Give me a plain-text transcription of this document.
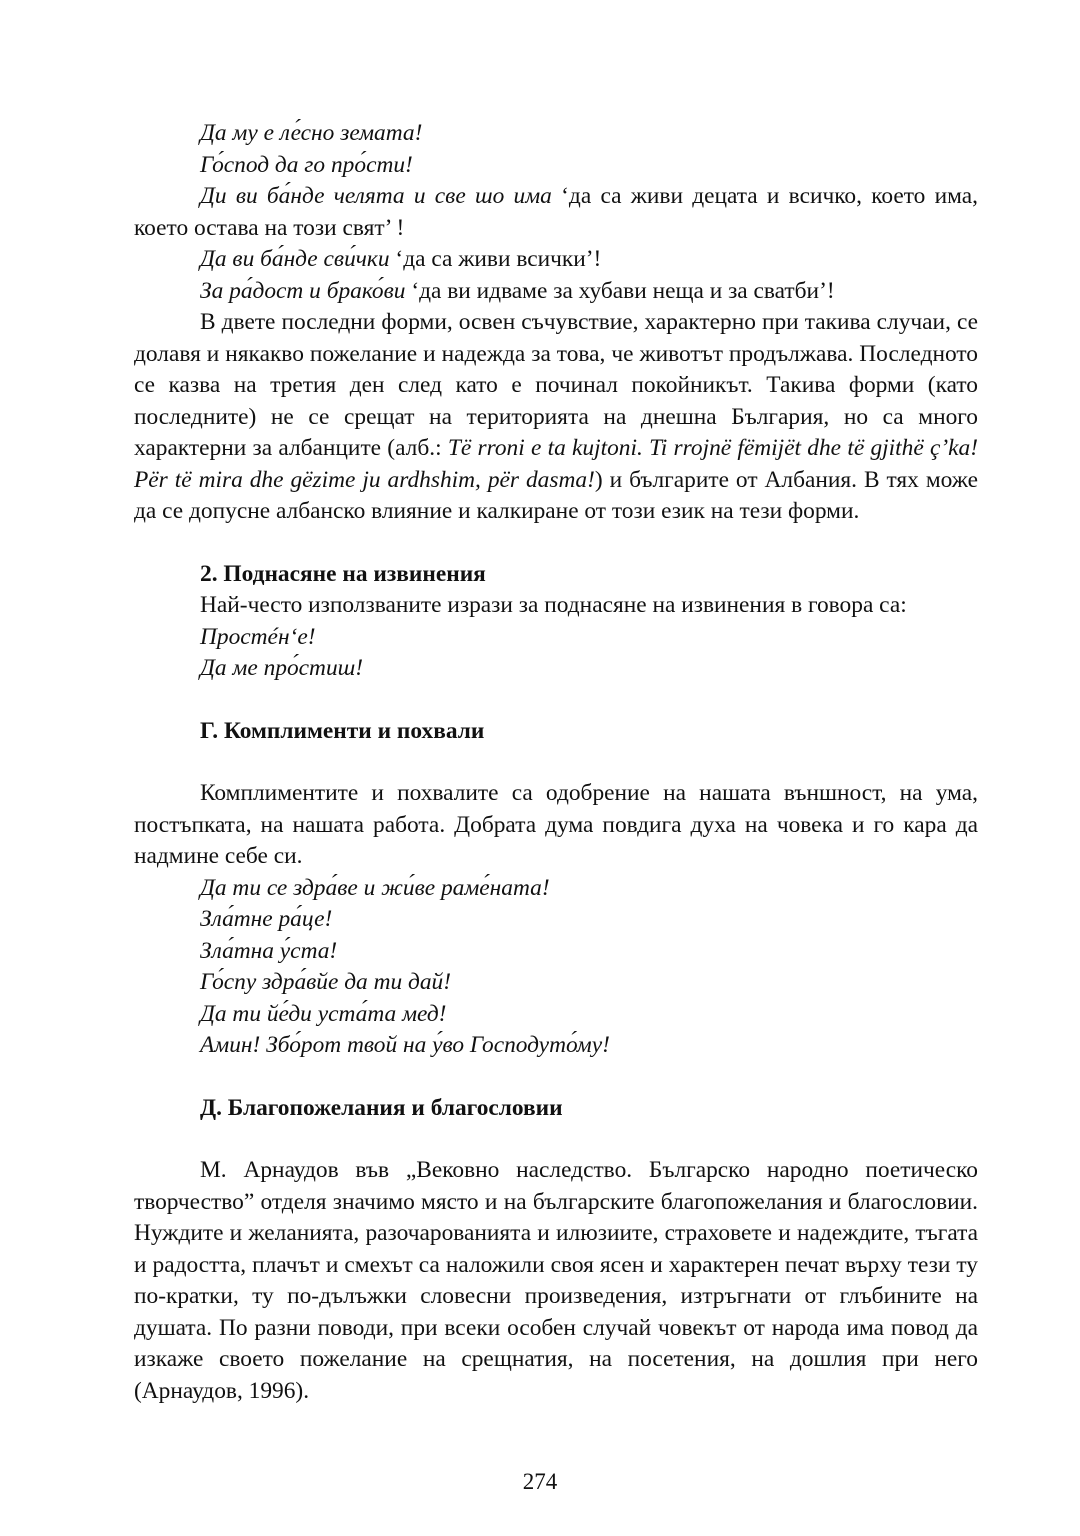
Да му е ле́сно земата!

Го́спод да го про́сти!

Ди ви ба́нде челята и све шо има ‘да са живи децата и всичко, което има, което остава на този свят’ !

Да ви ба́нде сви́чки ‘да са живи всички’!

За ра́дост и брако́ви ‘да ви идваме за хубави неща и за сватби’!

В двете последни форми, освен съчувствие, характерно при такива случаи, се долавя и някакво пожелание и надежда за това, че животът продължава. Последното се казва на третия ден след като е починал покойникът. Такива форми (като последните) не се срещат на територията на днешна България, но са много характерни за албанците (алб.: Të rroni e ta kujtoni. Ti rrojnë fëmijët dhe të gjithë ç’ka! Për të mira dhe gëzime ju ardhshim, për dasma!) и българите от Албания. В тях може да се допусне албанско влияние и калкиране от този език на тези форми.

2. Поднасяне на извинения

Най-често използваните изрази за поднасяне на извинения в говора са:

Простéн‘е!

Да ме про́стиш!

Г. Комплименти и похвали

Комплиментите и похвалите са одобрение на нашата външност, на ума, постъпката, на нашата работа. Добрата дума повдига духа на човека и го кара да надмине себе си.

Да ти се здра́ве и жи́ве раме́ната!

Зла́тне ра́це!

Зла́тна у́ста!

Го́спу здра́вйе да ти дай!

Да ти йе́ди уста́та мед!

Амин! Збо́рот твой на у́во Господуто́му!

Д. Благопожелания и благословии

М. Арнаудов във „Вековно наследство. Българско народно поетическо творчество” отделя значимо място и на българските благопожелания и благословии. Нуждите и желанията, разочарованията и илюзиите, страховете и надеждите, тъгата и радостта, плачът и смехът са наложили своя ясен и характерен печат върху тези ту по-кратки, ту по-дълъжки словесни произведения, изтръгнати от глъбините на душата. По разни поводи, при всеки особен случай човекът от народа има повод да изкаже своето пожелание на срещнатия, на посетения, на дошлия при него (Арнаудов, 1996).

274
